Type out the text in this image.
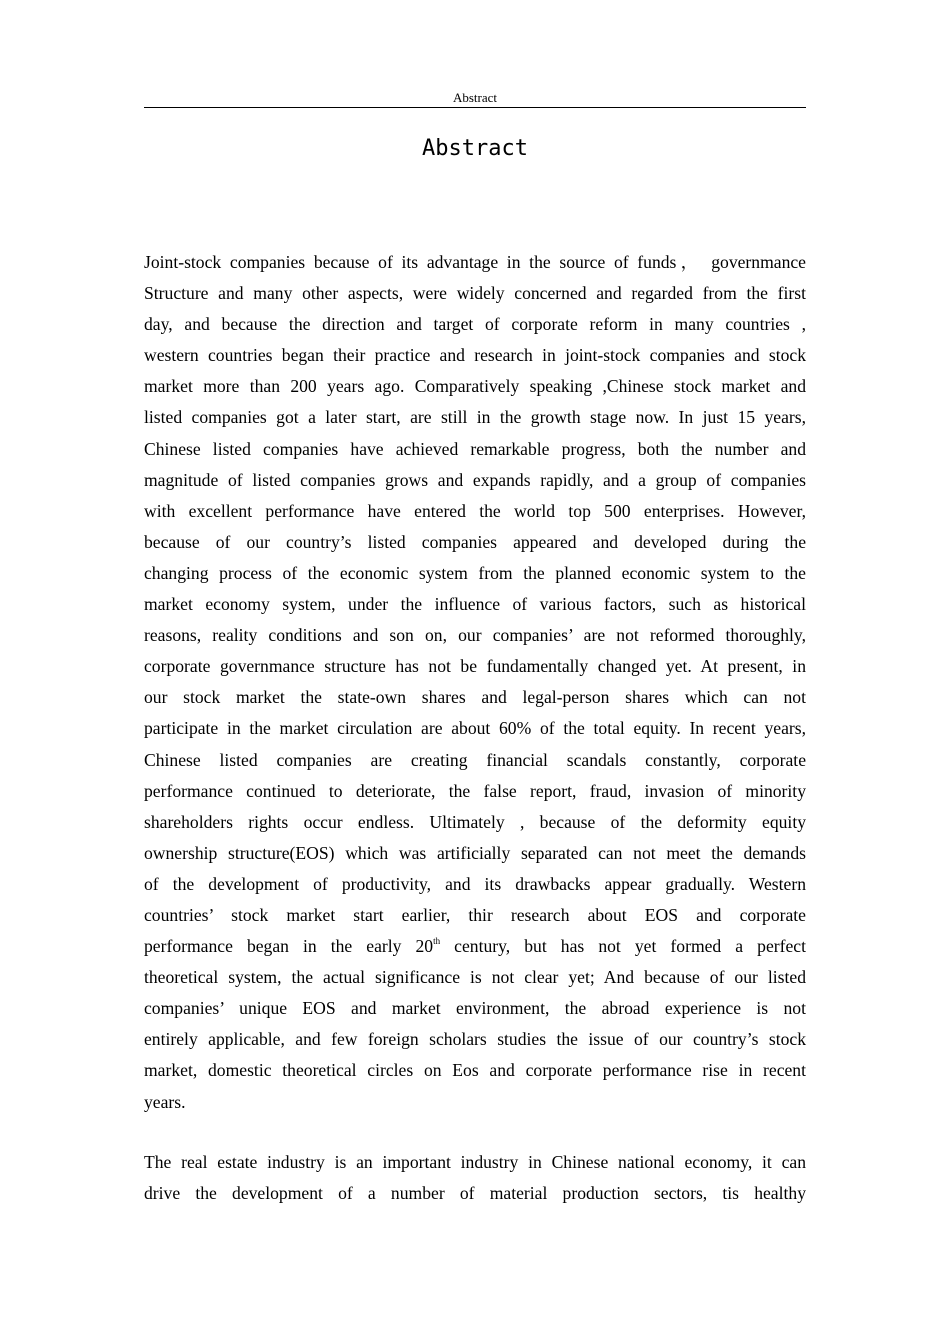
Abstract
Abstract
Joint-stock companies because of its advantage in the source of funds， governmance
Structure and many other aspects, were widely concerned and regarded from the first
day, and because the direction and target of corporate reform in many countries ,
western countries began their practice and research in joint-stock companies and stock
market more than 200 years ago. Comparatively speaking ,Chinese stock market and
listed companies got a later start, are still in the growth stage now. In just 15 years,
Chinese listed companies have achieved remarkable progress, both the number and
magnitude of listed companies grows and expands rapidly, and a group of companies
with excellent performance have entered the world top 500 enterprises. However,
because of our country’s listed companies appeared and developed during the
changing process of the economic system from the planned economic system to the
market economy system, under the influence of various factors, such as historical
reasons, reality conditions and son on, our companies’ are not reformed thoroughly,
corporate governmance structure has not be fundamentally changed yet. At present, in
our stock market the state-own shares and legal-person shares which can not
participate in the market circulation are about 60% of the total equity. In recent years,
Chinese listed companies are creating financial scandals constantly, corporate
performance continued to deteriorate, the false report, fraud, invasion of minority
shareholders rights occur endless. Ultimately , because of the deformity equity
ownership structure(EOS) which was artificially separated can not meet the demands
of the development of productivity, and its drawbacks appear gradually. Western
countries’ stock market start earlier, thir research about EOS and corporate
performance began in the early 20th century, but has not yet formed a perfect
theoretical system, the actual significance is not clear yet; And because of our listed
companies’ unique EOS and market environment, the abroad experience is not
entirely applicable, and few foreign scholars studies the issue of our country’s stock
market, domestic theoretical circles on Eos and corporate performance rise in recent
years.
The real estate industry is an important industry in Chinese national economy, it can
drive the development of a number of material production sectors, tis healthy
